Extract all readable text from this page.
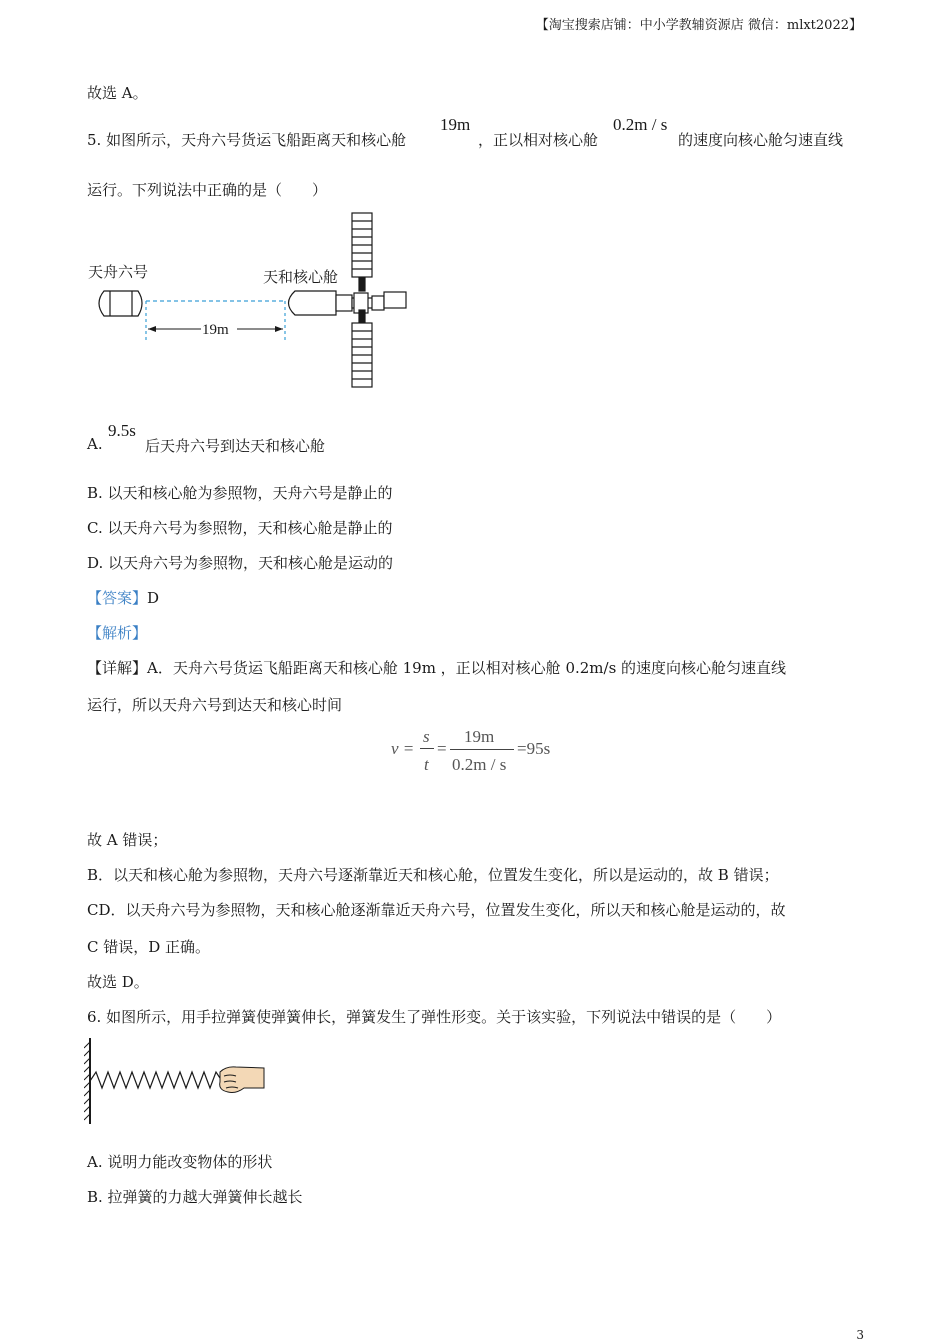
【淘宝搜索店铺：中小学教辅资源店 微信：mlxt2022】
故选 A。
5. 如图所示，天舟六号货运飞船距离天和核心舱
19m
，正以相对核心舱
0.2m / s
的速度向核心舱匀速直线
运行。下列说法中正确的是（　　）
天舟六号	天和核心舱
19m
A.
9.5s
后天舟六号到达天和核心舱
B. 以天和核心舱为参照物，天舟六号是静止的
C. 以天舟六号为参照物，天和核心舱是静止的
D. 以天舟六号为参照物，天和核心舱是运动的
【答案】D
【解析】
【详解】A．天舟六号货运飞船距离天和核心舱 19m ，正以相对核心舱 0.2m/s 的速度向核心舱匀速直线
运行，所以天舟六号到达天和核心时间
v =
s
t
=
19m
0.2m / s
=95s
故 A 错误；
B．以天和核心舱为参照物，天舟六号逐渐靠近天和核心舱，位置发生变化，所以是运动的，故 B 错误；
CD．以天舟六号为参照物，天和核心舱逐渐靠近天舟六号，位置发生变化，所以天和核心舱是运动的，故
C 错误，D 正确。
故选 D。
6. 如图所示，用手拉弹簧使弹簧伸长，弹簧发生了弹性形变。关于该实验，下列说法中错误的是（　　）
A. 说明力能改变物体的形状
B. 拉弹簧的力越大弹簧伸长越长
3
